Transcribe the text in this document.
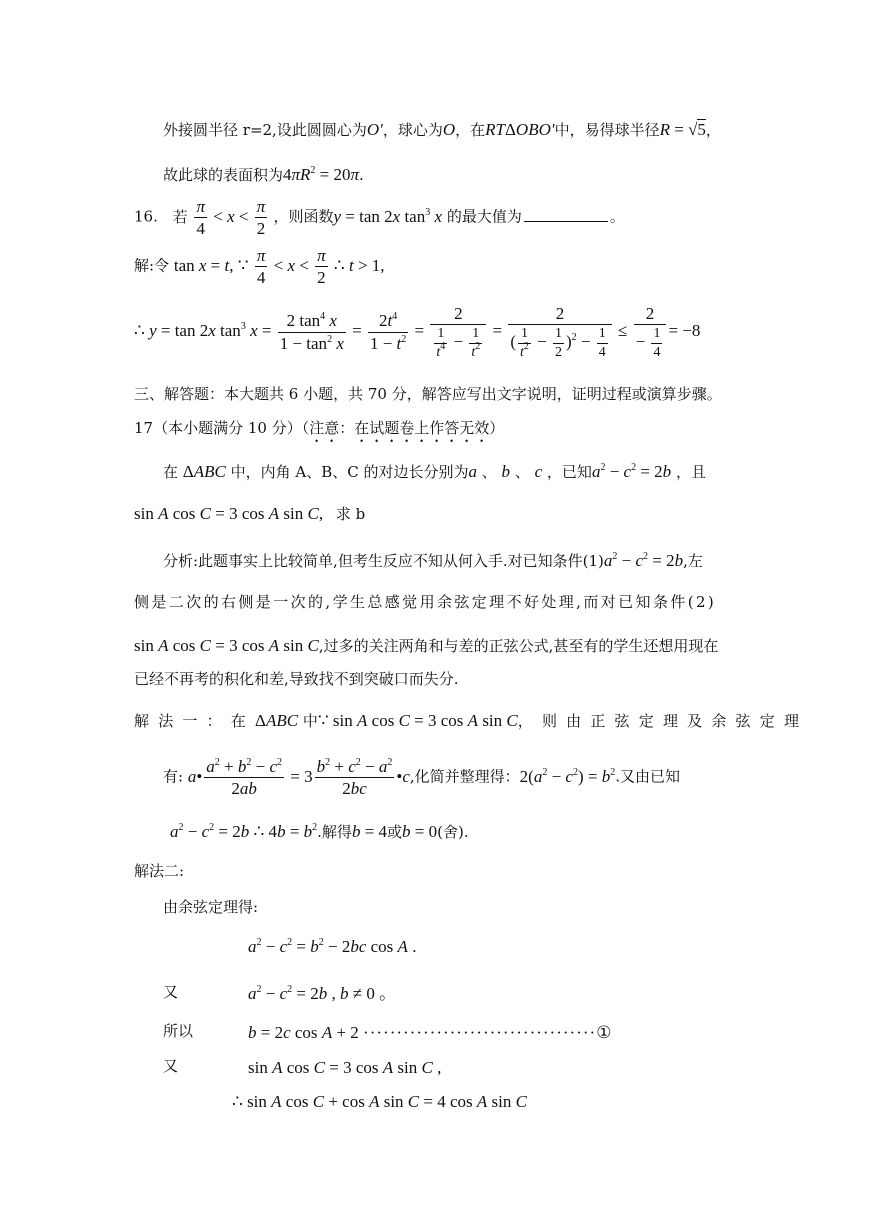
外接圆半径 r=2,设此圆圆心为O′，球心为O，在RTΔOBO′中，易得球半径R = √5，
故此球的表面积为$4\pi R^2 = 20\pi$.
16. 若 $\frac{\pi}{4} < x < \frac{\pi}{2}$ ，则函数y = tan 2x $\tan^3 x$ 的最大值为	。
解:令 tan x = t, ∵ $\frac{\pi}{4} < x < \frac{\pi}{2}$ ∴ t > 1,
∴ y = tan 2x $\tan^3 x = \frac{2 \tan^4 x}{1 - \tan^2 x} = \frac{2t^4}{1 - t^2} = \frac{2}{\frac{1}{t^4} - \frac{1}{t^2}} = \frac{2}{( \frac{1}{t^2} - \frac{1}{2} )^2 - \frac{1}{4}} \le \frac{2}{- \frac{1}{4}} = -8$
三、解答题：本大题共 6 小题，共 70 分，解答应写出文字说明，证明过程或演算步骤。
17（本小题满分 10 分）（注意：在试题卷上作答无效）
在 ΔABC 中，内角 A、B、C 的对边长分别为a 、 b 、 c ，已知$a^2 - c^2 = 2b$ ，且
sin A cos C = 3 cos A sin C, 求 b
分析:此题事实上比较简单,但考生反应不知从何入手.对已知条件$(1)a^2 - c^2 = 2b$,左
侧是二次的右侧是一次的,学生总感觉用余弦定理不好处理,而对已知条件(2)
sin A cos C = 3 cos A sin C,过多的关注两角和与差的正弦公式,甚至有的学生还想用现在
已经不再考的积化和差,导致找不到突破口而失分.
解法一：在ΔABC 中∵ sin A cos C = 3 cos A sin C，则由正弦定理及余弦定理
有: a• $\frac{a^2 + b^2 - c^2}{2ab} = 3 \frac{b^2 + c^2 - a^2}{2bc}$ •c,化简并整理得：$2(a^2 - c^2) = b^2$.又由已知
$a^2 - c^2 = 2b$ ∴ $4b = b^2$.解得b = 4或b = 0(舍).
解法二:
由余弦定理得:
$a^2 - c^2 = b^2 - 2bc$ cos A .
又	$a^2 - c^2 = 2b$ , b ≠ 0 。
所以	b = 2c cos A + 2 ···································①
又	sin A cos C = 3 cos A sin C ,
∴ sin A cos C + cos A sin C = 4 cos A sin C
